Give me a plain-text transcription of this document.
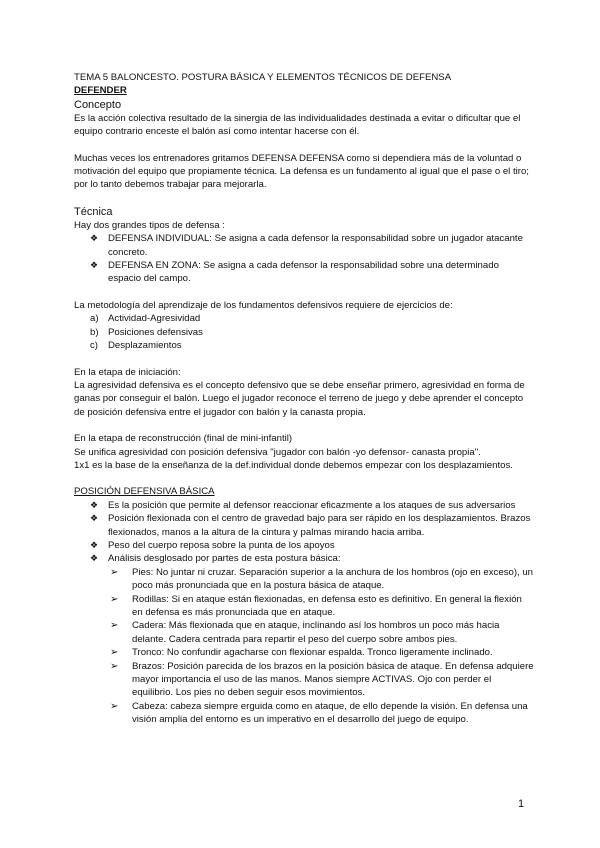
TEMA 5 BALONCESTO. POSTURA BÁSICA Y ELEMENTOS TÉCNICOS DE DEFENSA

DEFENDER

Concepto

Es la acción colectiva resultado de la sinergia de las individualidades destinada a evitar o dificultar que el equipo contrario enceste el balón así como intentar hacerse con él.

Muchas veces los entrenadores gritamos DEFENSA DEFENSA como si dependiera más de la voluntad o motivación del equipo que propiamente técnica. La defensa es un fundamento al igual que el pase o el tiro; por lo tanto debemos trabajar para mejorarla.

Técnica

Hay dos grandes tipos de defensa :

❖ DEFENSA INDIVIDUAL: Se asigna a cada defensor la responsabilidad sobre un jugador atacante concreto.
❖ DEFENSA EN ZONA: Se asigna a cada defensor la responsabilidad sobre una determinado espacio del campo.

La metodología del aprendizaje de los fundamentos defensivos requiere de ejercicios de:

a) Actividad-Agresividad
b) Posiciones defensivas
c) Desplazamientos

En la etapa de iniciación:

La agresividad defensiva es el concepto defensivo que se debe enseñar primero, agresividad en forma de ganas por conseguir el balón. Luego el jugador reconoce el terreno de juego y debe aprender el concepto de posición defensiva entre el jugador con balón y la canasta propia.

En la etapa de reconstrucción (final de mini-infantil)

Se unifica agresividad con posición defensiva "jugador con balón -yo defensor- canasta propia".

1x1 es la base de la enseñanza de la def.individual donde debemos empezar con los desplazamientos.

POSICIÓN DEFENSIVA BÁSICA

❖ Es la posición que permite al defensor reaccionar eficazmente a los ataques de sus adversarios
❖ Posición flexionada con el centro de gravedad bajo para ser rápido en los desplazamientos. Brazos flexionados, manos a la altura de la cintura y palmas mirando hacia arriba.
❖ Peso del cuerpo reposa sobre la punta de los apoyos
❖ Análisis desglosado por partes de esta postura básica:
➢ Pies: No juntar ni cruzar. Separación superior a la anchura de los hombros (ojo en exceso), un poco más pronunciada que en la postura básica de ataque.
➢ Rodillas: Si en ataque están flexionadas, en defensa esto es definitivo. En general la flexión en defensa es más pronunciada que en ataque.
➢ Cadera: Más flexionada que en ataque, inclinando así los hombros un poco más hacia delante. Cadera centrada para repartir el peso del cuerpo sobre ambos pies.
➢ Tronco: No confundir agacharse con flexionar espalda. Tronco ligeramente inclinado.
➢ Brazos: Posición parecida de los brazos en la posición básica de ataque. En defensa adquiere mayor importancia el uso de las manos. Manos siempre ACTIVAS. Ojo con perder el equilibrio. Los pies no deben seguir esos movimientos.
➢ Cabeza: cabeza siempre erguida como en ataque, de ello depende la visión. En defensa una visión amplia del entorno es un imperativo en el desarrollo del juego de equipo.
1
